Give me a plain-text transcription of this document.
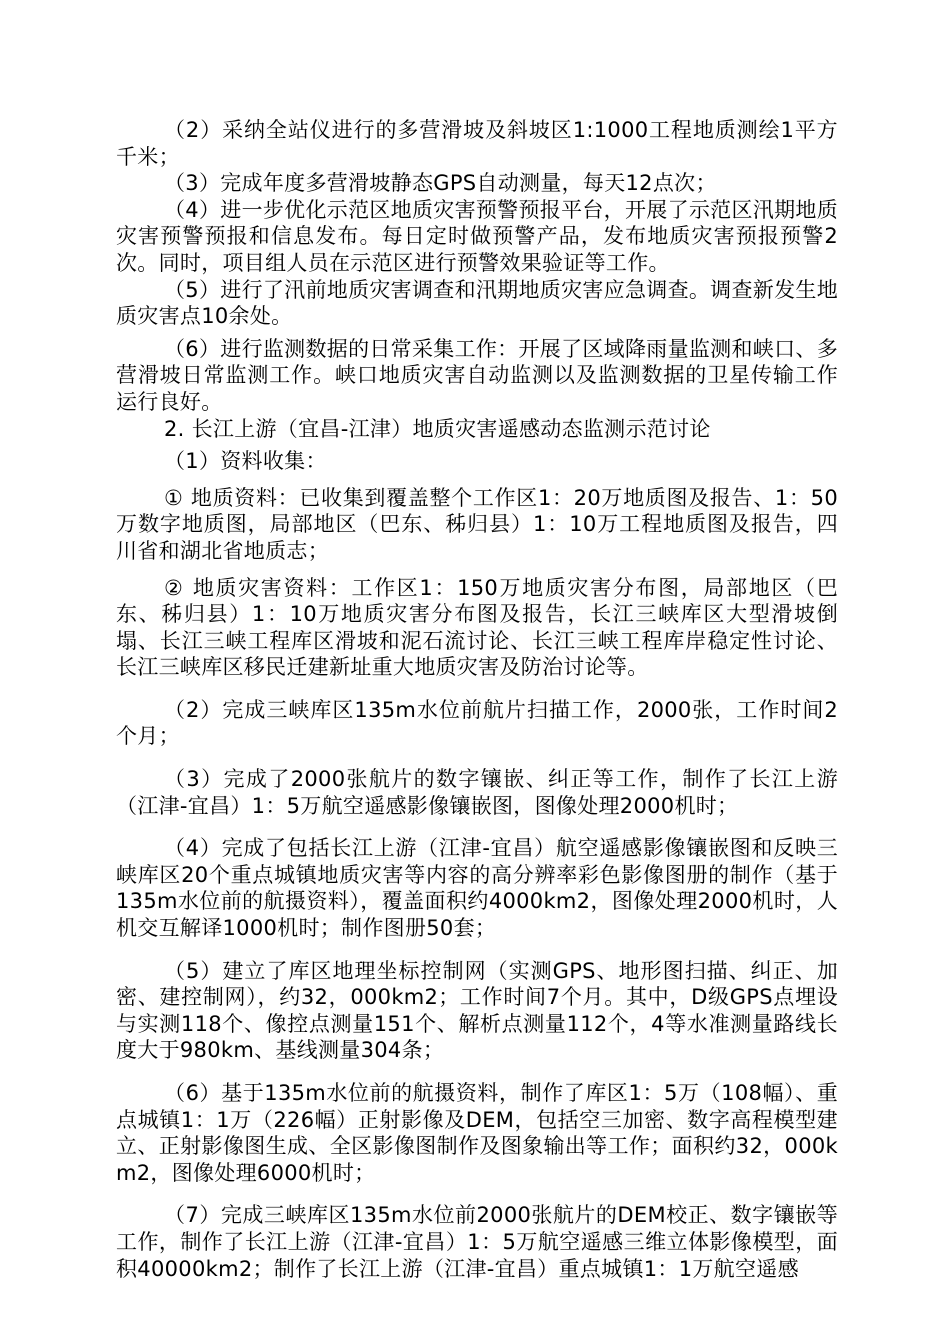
（2）采纳全站仪进行的多营滑坡及斜坡区1:1000工程地质测绘1平方千米；

（3）完成年度多营滑坡静态GPS自动测量，每天12点次；

（4）进一步优化示范区地质灾害预警预报平台，开展了示范区汛期地质灾害预警预报和信息发布。每日定时做预警产品，发布地质灾害预报预警2次。同时，项目组人员在示范区进行预警效果验证等工作。

（5）进行了汛前地质灾害调查和汛期地质灾害应急调查。调查新发生地质灾害点10余处。

（6）进行监测数据的日常采集工作：开展了区域降雨量监测和峡口、多营滑坡日常监测工作。峡口地质灾害自动监测以及监测数据的卫星传输工作运行良好。

2. 长江上游（宜昌-江津）地质灾害遥感动态监测示范讨论

（1）资料收集：

① 地质资料：已收集到覆盖整个工作区1：20万地质图及报告、1：50万数字地质图，局部地区（巴东、秭归县）1：10万工程地质图及报告，四川省和湖北省地质志；

② 地质灾害资料：工作区1：150万地质灾害分布图，局部地区（巴东、秭归县）1：10万地质灾害分布图及报告，长江三峡库区大型滑坡倒塌、长江三峡工程库区滑坡和泥石流讨论、长江三峡工程库岸稳定性讨论、长江三峡库区移民迁建新址重大地质灾害及防治讨论等。

（2）完成三峡库区135m水位前航片扫描工作，2000张，工作时间2个月；

（3）完成了2000张航片的数字镶嵌、纠正等工作，制作了长江上游（江津-宜昌）1：5万航空遥感影像镶嵌图，图像处理2000机时；

（4）完成了包括长江上游（江津-宜昌）航空遥感影像镶嵌图和反映三峡库区20个重点城镇地质灾害等内容的高分辨率彩色影像图册的制作（基于135m水位前的航摄资料），覆盖面积约4000km2，图像处理2000机时，人机交互解译1000机时；制作图册50套；

（5）建立了库区地理坐标控制网（实测GPS、地形图扫描、纠正、加密、建控制网），约32，000km2；工作时间7个月。其中，D级GPS点埋设与实测118个、像控点测量151个、解析点测量112个，4等水准测量路线长度大于980km、基线测量304条；

（6）基于135m水位前的航摄资料，制作了库区1：5万（108幅）、重点城镇1：1万（226幅）正射影像及DEM，包括空三加密、数字高程模型建立、正射影像图生成、全区影像图制作及图象输出等工作；面积约32，000km2，图像处理6000机时；

（7）完成三峡库区135m水位前2000张航片的DEM校正、数字镶嵌等工作，制作了长江上游（江津-宜昌）1：5万航空遥感三维立体影像模型，面积40000km2；制作了长江上游（江津-宜昌）重点城镇1：1万航空遥感
